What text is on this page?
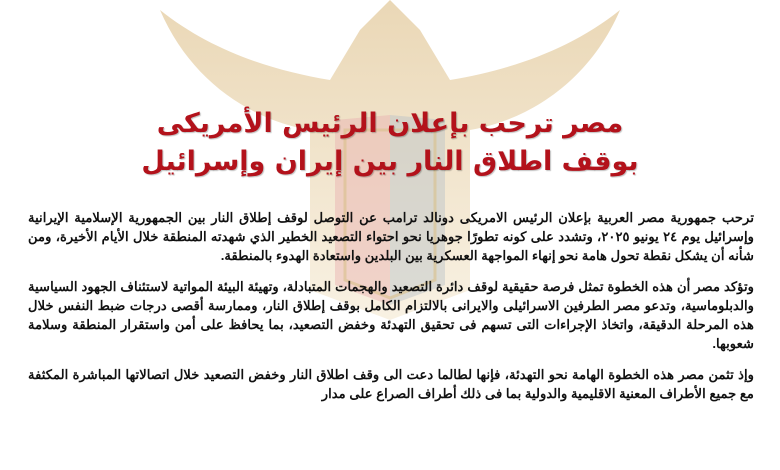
مصر ترحب بإعلان الرئيس الأمريكى
بوقف اطلاق النار بين إيران وإسرائيل

ترحب جمهورية مصر العربية بإعلان الرئيس الامريكى دونالد ترامب عن التوصل لوقف إطلاق النار بين الجمهورية الإسلامية الإيرانية وإسرائيل يوم ٢٤ يونيو ٢٠٢٥، وتشدد على كونه تطورًا جوهريا نحو احتواء التصعيد الخطير الذي شهدته المنطقة خلال الأيام الأخيرة، ومن شأنه أن يشكل نقطة تحول هامة نحو إنهاء المواجهة العسكرية بين البلدين واستعادة الهدوء بالمنطقة.

وتؤكد مصر أن هذه الخطوة تمثل فرصة حقيقية لوقف دائرة التصعيد والهجمات المتبادلة، وتهيئة البيئة المواتية لاستئناف الجهود السياسية والدبلوماسية، وتدعو مصر الطرفين الاسرائيلى والايرانى بالالتزام الكامل بوقف إطلاق النار، وممارسة أقصى درجات ضبط النفس خلال هذه المرحلة الدقيقة، واتخاذ الإجراءات التى تسهم فى تحقيق التهدئة وخفض التصعيد، بما يحافظ على أمن واستقرار المنطقة وسلامة شعوبها.

وإذ تثمن مصر هذه الخطوة الهامة نحو التهدئة، فإنها لطالما دعت الى وقف اطلاق النار وخفض التصعيد خلال اتصالاتها المباشرة المكثفة مع جميع الأطراف المعنية الاقليمية والدولية بما فى ذلك أطراف الصراع على مدار
